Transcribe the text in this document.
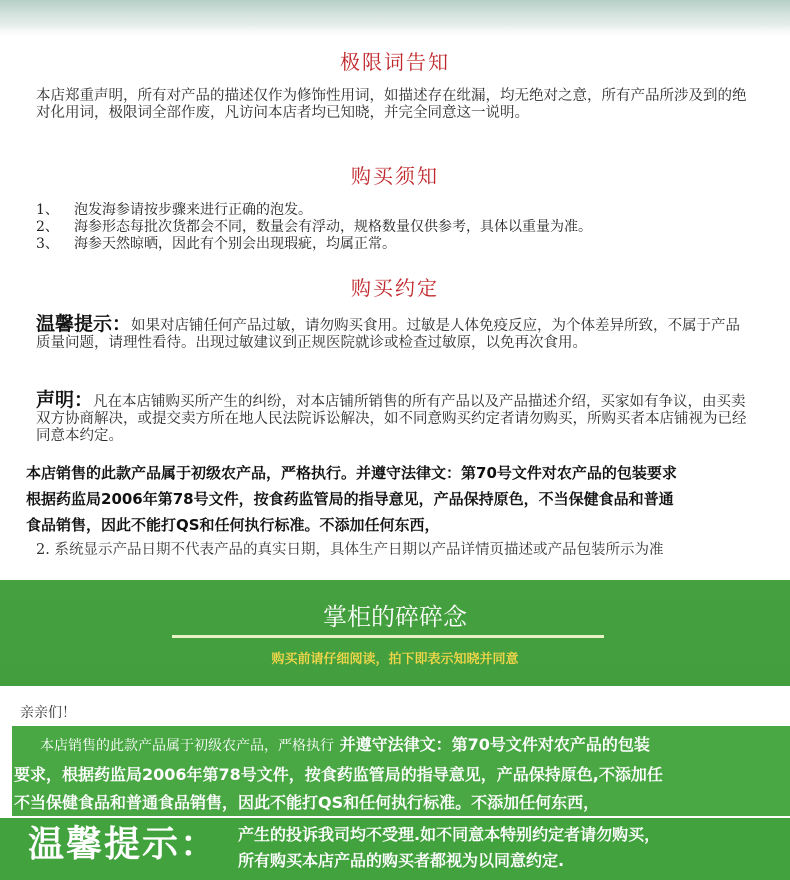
极限词告知
本店郑重声明，所有对产品的描述仅作为修饰性用词，如描述存在纰漏，均无绝对之意，所有产品所涉及到的绝对化用词，极限词全部作废，凡访问本店者均已知晓，并完全同意这一说明。
购买须知
1、 泡发海参请按步骤来进行正确的泡发。
2、 海参形态每批次货都会不同，数量会有浮动，规格数量仅供参考，具体以重量为准。
3、 海参天然晾晒，因此有个别会出现瑕疵，均属正常。
购买约定
温馨提示：如果对店铺任何产品过敏，请勿购买食用。过敏是人体免疫反应，为个体差异所致，不属于产品质量问题，请理性看待。出现过敏建议到正规医院就诊或检查过敏原，以免再次食用。
声明：凡在本店铺购买所产生的纠纷，对本店铺所销售的所有产品以及产品描述介绍，买家如有争议，由买卖双方协商解决，或提交卖方所在地人民法院诉讼解决，如不同意购买约定者请勿购买，所购买者本店铺视为已经同意本约定。
本店销售的此款产品属于初级农产品，严格执行。并遵守法律文：第70号文件对农产品的包装要求
根据药监局2006年第78号文件，按食药监管局的指导意见，产品保持原色，不当保健食品和普通
食品销售，因此不能打QS和任何执行标准。不添加任何东西，
2. 系统显示产品日期不代表产品的真实日期，具体生产日期以产品详情页描述或产品包装所示为准
掌柜的碎碎念
购买前请仔细阅读，拍下即表示知晓并同意
亲亲们！
本店销售的此款产品属于初级农产品，严格执行 并遵守法律文：第70号文件对农产品的包装
要求，根据药监局2006年第78号文件，按食药监管局的指导意见，产品保持原色,不添加任
不当保健食品和普通食品销售，因此不能打QS和任何执行标准。不添加任何东西，
温馨提示： 产生的投诉我司均不受理.如不同意本特别约定者请勿购买，
所有购买本店产品的购买者都视为以同意约定.
